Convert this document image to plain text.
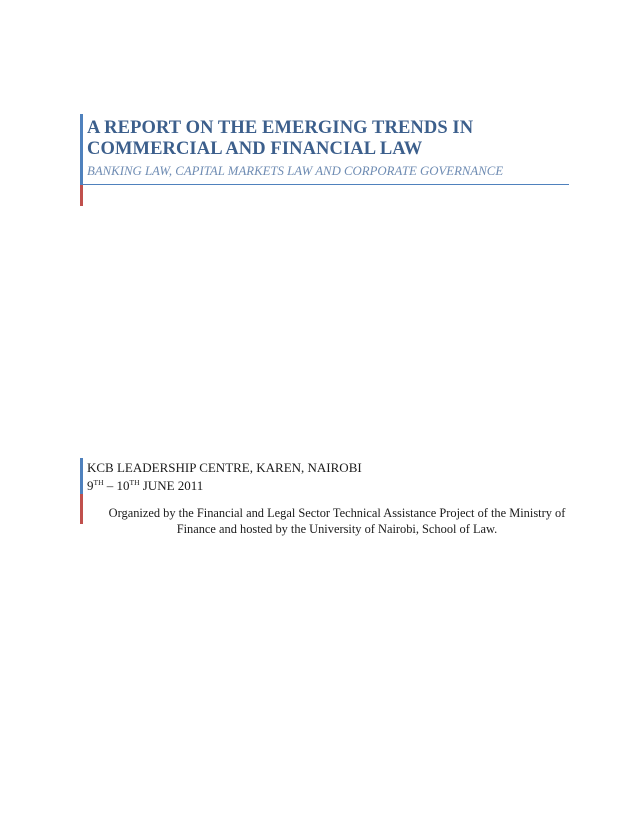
A REPORT ON THE EMERGING TRENDS IN COMMERCIAL AND FINANCIAL LAW

BANKING LAW, CAPITAL MARKETS LAW AND CORPORATE GOVERNANCE

KCB LEADERSHIP CENTRE, KAREN, NAIROBI

9TH – 10TH JUNE 2011

Organized by the Financial and Legal Sector Technical Assistance Project of the Ministry of Finance and hosted by the University of Nairobi, School of Law.
